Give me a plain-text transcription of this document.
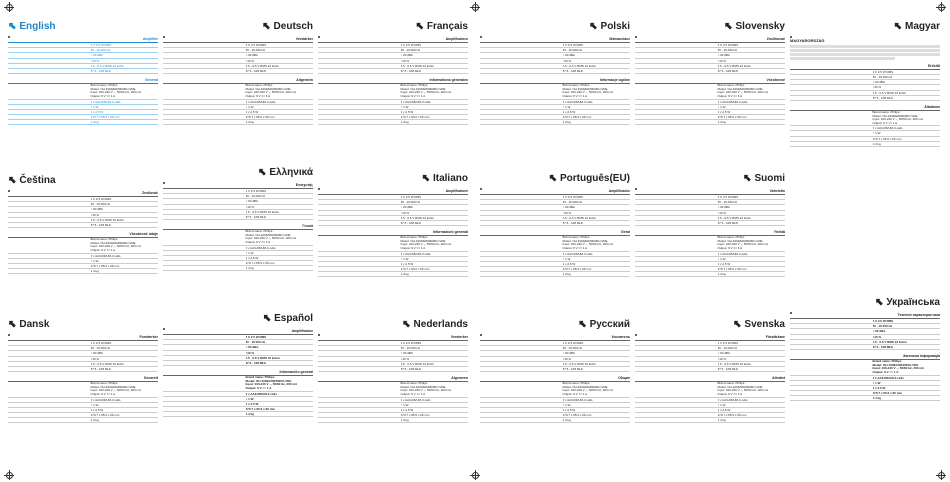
⬉ English
Amplifier
2 X 2.5 W RMS
80 - 16 000 Hz
> 60 dBA
<10 %
0.5 - 0.6 V RMS 10 kohm
87.5 - 108 MHz
General
Brand name: Philips
Model: OH-1009A0903000U-VDE
Input: 100-240 V ~, 50/60 Hz, 200 mA
Output: 9 V == 1 A
6 x AA/LR6/UM-3 cells
< 1 W
2 x 2.5 W
270.7 x 95.6 x 96 mm
1.4 kg
⬉ Čeština
Zesilovač
2 X 2.5 W RMS
80 - 16 000 Hz
> 60 dBA
<10 %
0.5 - 0.6 V RMS 10 kohm
87.5 - 108 MHz
Všeobecné údaje
Brand name: Philips
Model: OH-1009A0903000U-VDE
Input: 100-240 V ~, 50/60 Hz, 200 mA
Output: 9 V == 1 A
6 x AA/LR6/UM-3 cells
< 1 W
270.7 x 95.6 x 96 mm
1.4 kg
⬉ Dansk
Forstærker
2 X 2.5 W RMS
80 - 16 000 Hz
> 60 dBA
<10 %
0.5 - 0.6 V RMS 10 kohm
87.5 - 108 MHz
Generelt
Brand name: Philips
Model: OH-1009A0903000U-VDE
Input: 100-240 V ~, 50/60 Hz, 200 mA
Output: 9 V == 1 A
6 x AA/LR6/UM-3 cells
< 1 W
2 x 2.5 W
270.7 x 95.6 x 96 mm
1.4 kg
⬉ Deutsch
Verstärker
2 X 2.5 W RMS
80 - 16 000 Hz
> 60 dBA
<10 %
0.5 - 0.6 V RMS 10 kohm
87.5 - 108 MHz
Allgemein
Brand name: Philips
Model: OH-1009A0903000U-VDE
Input: 100-240 V ~, 50/60 Hz, 200 mA
Output: 9 V == 1 A
6 x AA/LR6/UM-3 cells
< 1 W
2 x 2.5 W
270.7 x 95.6 x 96 mm
1.4 kg
⬉ Ελληνικά
Ενισχυτής
2 X 2.5 W RMS
80 - 16 000 Hz
> 60 dBA
<10 %
0.5 - 0.6 V RMS 10 kohm
87.5 - 108 MHz
Γενικά
Brand name: Philips
Model: OH-1009A0903000U-VDE
Input: 100-240 V ~, 50/60 Hz, 200 mA
Output: 9 V == 1 A
6 x AA/LR6/UM-3 cells
< 1 W
2 x 2.5 W
270.7 x 95.6 x 96 mm
1.4 kg
⬉ Español
Amplificador
2 X 2.5 W RMS
80 - 16 000 Hz
> 60 dBA
<10 %
0.5 - 0.6 V RMS 10 kohm
87.5 - 108 MHz
Información general
Brand name: Philips
Model: OH-1009A0903000U-VDE
Input: 100-240 V ~, 50/60 Hz, 200 mA
Output: 9 V == 1 A
6 x AA/LR6/UM-3 cells
< 1 W
2 x 2.5 W
270.7 x 95.6 x 96 mm
1.4 kg
⬉ Français
Amplificateur
2 X 2.5 W RMS
80 - 16 000 Hz
> 60 dBA
<10 %
0.5 - 0.6 V RMS 10 kohm
87.5 - 108 MHz
Informations générales
Brand name: Philips
Model: OH-1009A0903000U-VDE
Input: 100-240 V ~, 50/60 Hz, 200 mA
Output: 9 V == 1 A
6 x AA/LR6/UM-3 cells
< 1 W
2 x 2.5 W
270.7 x 95.6 x 96 mm
1.4 kg
⬉ Italiano
Amplificatore
2 X 2.5 W RMS
80 - 16 000 Hz
> 60 dBA
<10 %
0.5 - 0.6 V RMS 10 kohm
87.5 - 108 MHz
Informazioni generali
Brand name: Philips
Model: OH-1009A0903000U-VDE
Input: 100-240 V ~, 50/60 Hz, 200 mA
Output: 9 V == 1 A
6 x AA/LR6/UM-3 cells
< 1 W
2 x 2.5 W
270.7 x 95.6 x 96 mm
1.4 kg
⬉ Nederlands
Versterker
2 X 2.5 W RMS
80 - 16 000 Hz
> 60 dBA
<10 %
0.5 - 0.6 V RMS 10 kohm
87.5 - 108 MHz
Algemeen
Brand name: Philips
Model: OH-1009A0903000U-VDE
Input: 100-240 V ~, 50/60 Hz, 200 mA
Output: 9 V == 1 A
6 x AA/LR6/UM-3 cells
< 1 W
2 x 2.5 W
270.7 x 95.6 x 96 mm
1.4 kg
⬉ Polski
Wzmacniacz
2 X 2.5 W RMS
80 - 16 000 Hz
> 60 dBA
<10 %
0.5 - 0.6 V RMS 10 kohm
87.5 - 108 MHz
Informacje ogólne
Brand name: Philips
Model: OH-1009A0903000U-VDE
Input: 100-240 V ~, 50/60 Hz, 200 mA
Output: 9 V == 1 A
6 x AA/LR6/UM-3 cells
< 1 W
2 x 2.5 W
270.7 x 95.6 x 96 mm
1.4 kg
⬉ Português(EU)
Amplificador
2 X 2.5 W RMS
80 - 16 000 Hz
> 60 dBA
<10 %
0.5 - 0.6 V RMS 10 kohm
87.5 - 108 MHz
Geral
Brand name: Philips
Model: OH-1009A0903000U-VDE
Input: 100-240 V ~, 50/60 Hz, 200 mA
Output: 9 V == 1 A
6 x AA/LR6/UM-3 cells
< 1 W
2 x 2.5 W
270.7 x 95.6 x 96 mm
1.4 kg
⬉ Русский
Усилитель
2 X 2.5 W RMS
80 - 16 000 Hz
> 60 dBA
<10 %
0.5 - 0.6 V RMS 10 kohm
87.5 - 108 MHz
Общие
Brand name: Philips
Model: OH-1009A0903000U-VDE
Input: 100-240 V ~, 50/60 Hz, 200 mA
Output: 9 V == 1 A
6 x AA/LR6/UM-3 cells
< 1 W
2 x 2.5 W
270.7 x 95.6 x 96 mm
1.4 kg
⬉ Slovensky
Zosilňovač
2 X 2.5 W RMS
80 - 16 000 Hz
> 60 dBA
<10 %
0.5 - 0.6 V RMS 10 kohm
87.5 - 108 MHz
Všeobecné
Brand name: Philips
Model: OH-1009A0903000U-VDE
Input: 100-240 V ~, 50/60 Hz, 200 mA
Output: 9 V == 1 A
6 x AA/LR6/UM-3 cells
< 1 W
2 x 2.5 W
270.7 x 95.6 x 96 mm
1.4 kg
⬉ Suomi
Vahvistin
2 X 2.5 W RMS
80 - 16 000 Hz
> 60 dBA
<10 %
0.5 - 0.6 V RMS 10 kohm
87.5 - 108 MHz
Yleistä
Brand name: Philips
Model: OH-1009A0903000U-VDE
Input: 100-240 V ~, 50/60 Hz, 200 mA
Output: 9 V == 1 A
6 x AA/LR6/UM-3 cells
< 1 W
2 x 2.5 W
270.7 x 95.6 x 96 mm
1.4 kg
⬉ Svenska
Förstärkare
2 X 2.5 W RMS
80 - 16 000 Hz
> 60 dBA
<10 %
0.5 - 0.6 V RMS 10 kohm
87.5 - 108 MHz
Allmänt
Brand name: Philips
Model: OH-1009A0903000U-VDE
Input: 100-240 V ~, 50/60 Hz, 200 mA
Output: 9 V == 1 A
6 x AA/LR6/UM-3 cells
< 1 W
2 x 2.5 W
270.7 x 95.6 x 96 mm
1.4 kg
⬉ Magyar
MAGYARORSZÁG
Erősítő
2 X 2.5 W RMS
80 - 16 000 Hz
> 60 dBA
<10 %
0.5 - 0.6 V RMS 10 kohm
87.5 - 108 MHz
Általános
Brand name: Philips
Model: OH-1009A0903000U-VDE
Input: 100-240 V ~, 50/60 Hz, 200 mA
Output: 9 V == 1 A
6 x AA/LR6/UM-3 cells
< 1 W
270.7 x 95.6 x 96 mm
1.4 kg
⬉ Українська
Технічні характеристики
2 X 2.5 W RMS
80 - 16 000 Hz
> 60 dBA
<10 %
0.5 - 0.6 V RMS 10 kohm
87.5 - 108 MHz
Загальна інформація
Brand name: Philips
Model: OH-1009A0903000U-VDE
Input: 100-240 V ~, 50/60 Hz, 200 mA
Output: 9 V == 1 A
6 x AA/LR6/UM-3 cells
< 1 W
2 x 2.5 W
270.7 x 95.6 x 96 mm
1.4 kg
